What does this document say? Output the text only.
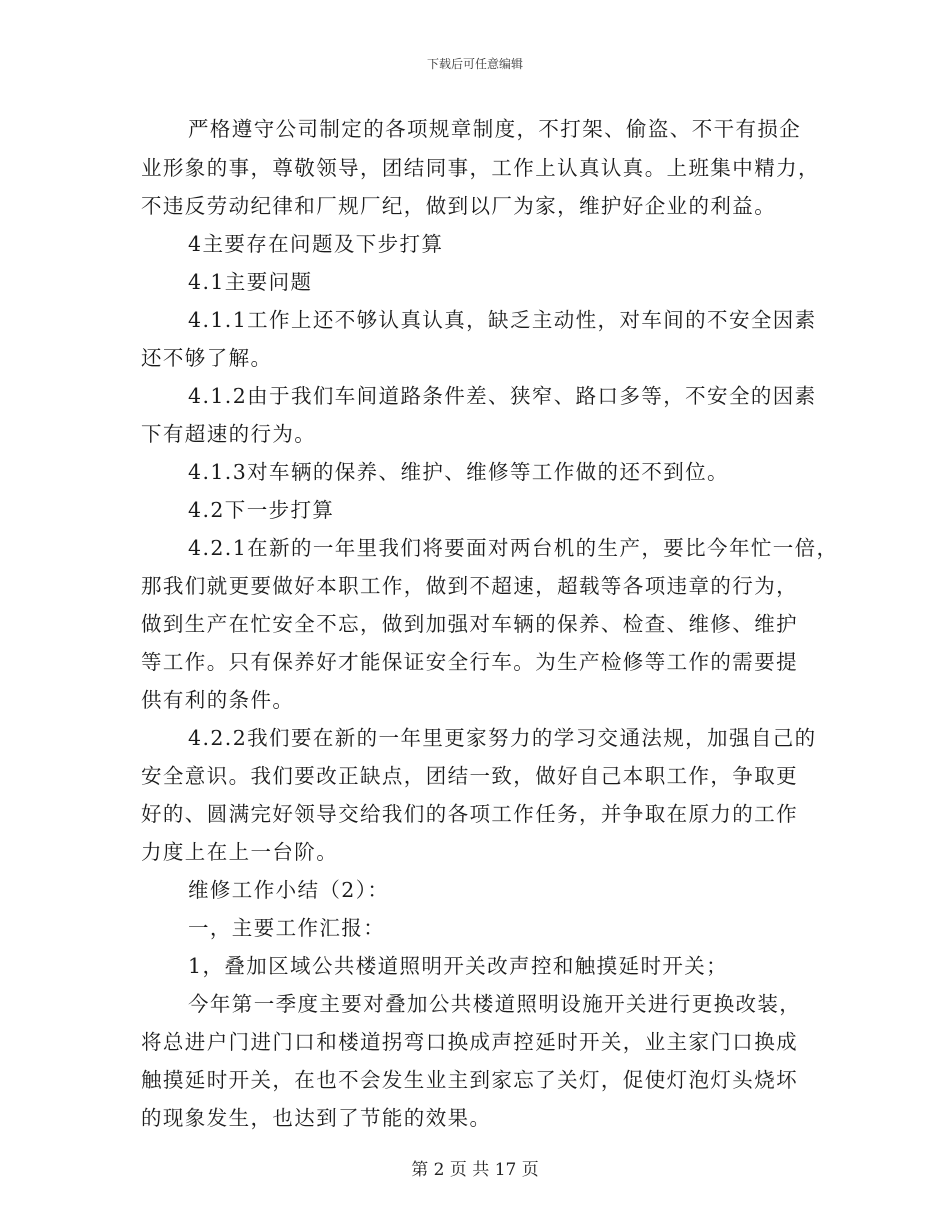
下载后可任意编辑
严格遵守公司制定的各项规章制度，不打架、偷盗、不干有损企
业形象的事，尊敬领导，团结同事，工作上认真认真。上班集中精力，
不违反劳动纪律和厂规厂纪，做到以厂为家，维护好企业的利益。
4主要存在问题及下步打算
4.1主要问题
4.1.1工作上还不够认真认真，缺乏主动性，对车间的不安全因素
还不够了解。
4.1.2由于我们车间道路条件差、狭窄、路口多等，不安全的因素
下有超速的行为。
4.1.3对车辆的保养、维护、维修等工作做的还不到位。
4.2下一步打算
4.2.1在新的一年里我们将要面对两台机的生产，要比今年忙一倍，
那我们就更要做好本职工作，做到不超速，超载等各项违章的行为，
做到生产在忙安全不忘，做到加强对车辆的保养、检查、维修、维护
等工作。只有保养好才能保证安全行车。为生产检修等工作的需要提
供有利的条件。
4.2.2我们要在新的一年里更家努力的学习交通法规，加强自己的
安全意识。我们要改正缺点，团结一致，做好自己本职工作，争取更
好的、圆满完好领导交给我们的各项工作任务，并争取在原力的工作
力度上在上一台阶。
维修工作小结（2）：
一，主要工作汇报：
1，叠加区域公共楼道照明开关改声控和触摸延时开关；
今年第一季度主要对叠加公共楼道照明设施开关进行更换改装，
将总进户门进门口和楼道拐弯口换成声控延时开关，业主家门口换成
触摸延时开关，在也不会发生业主到家忘了关灯，促使灯泡灯头烧坏
的现象发生，也达到了节能的效果。
第 2 页 共 17 页
